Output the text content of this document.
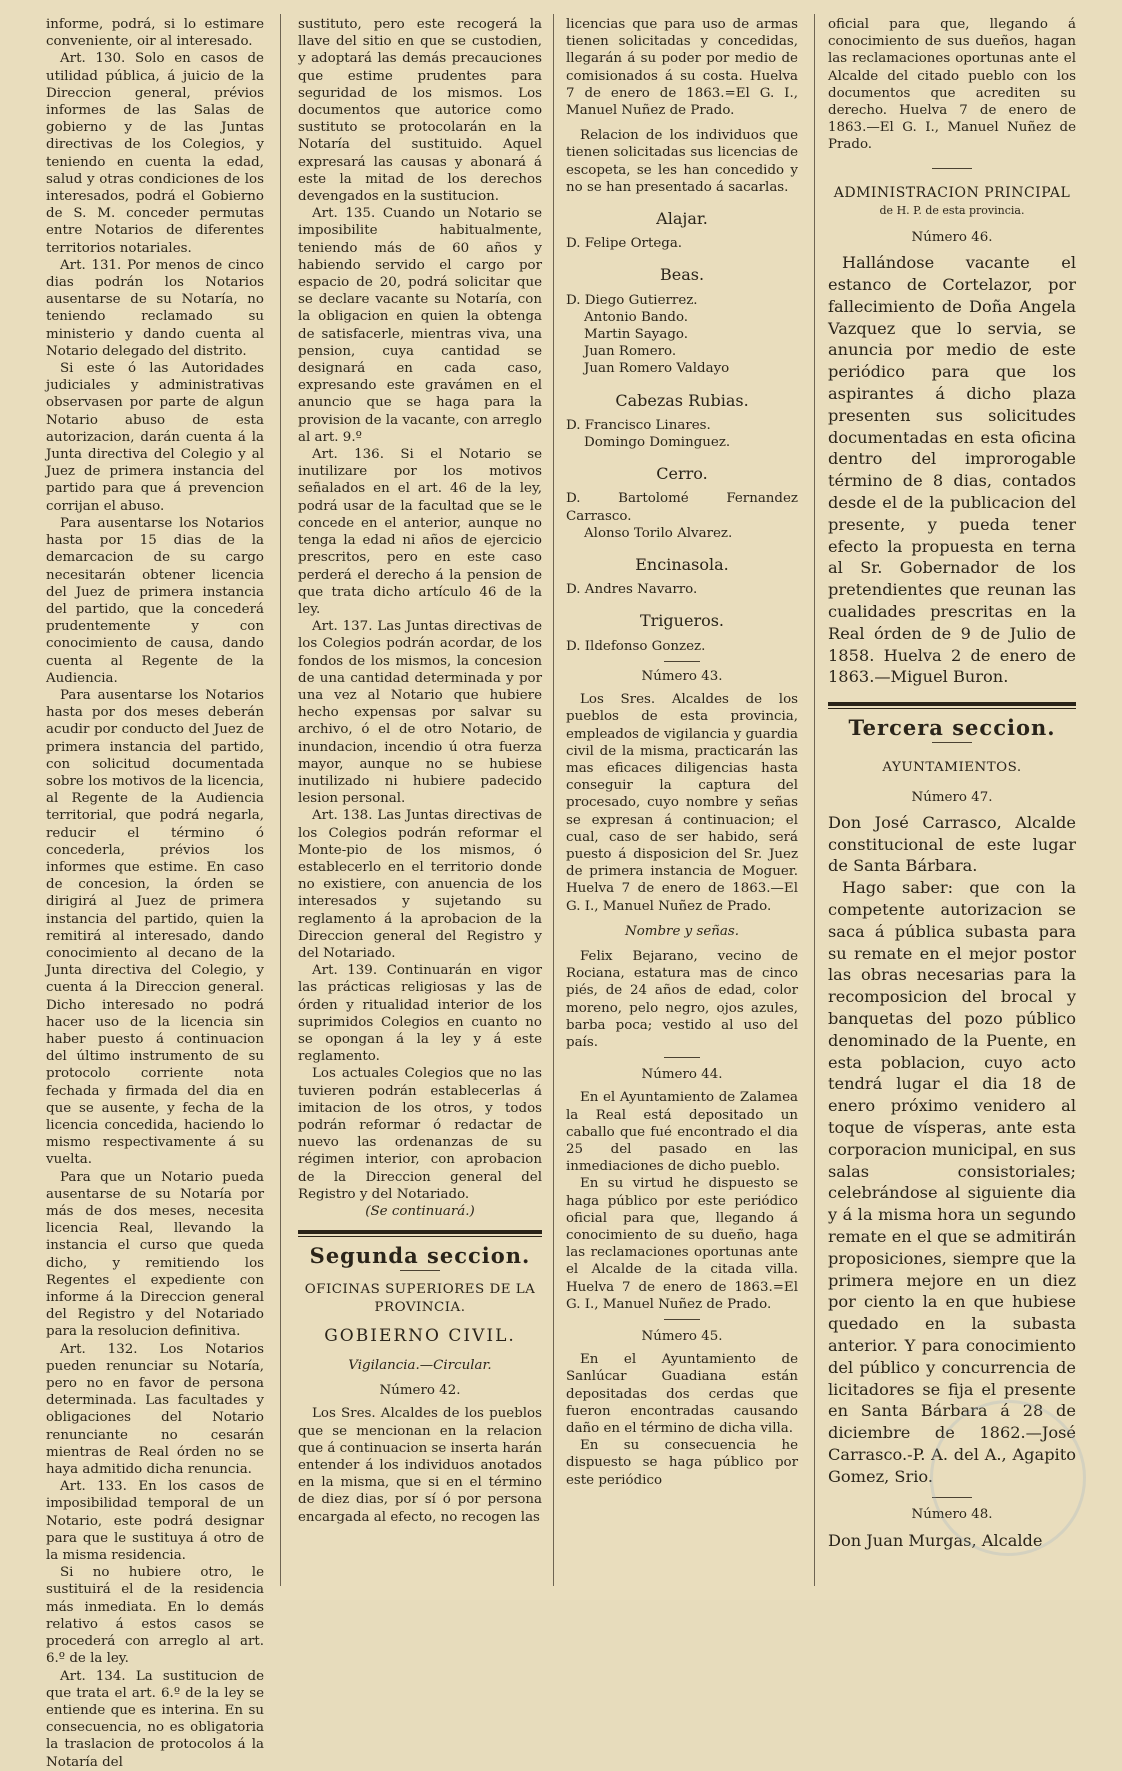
informe, podrá, si lo estimare conveniente, oir al interesado.

Art. 130. Solo en casos de utilidad pública, á juicio de la Direccion general, prévios informes de las Salas de gobierno y de las Juntas directivas de los Colegios, y teniendo en cuenta la edad, salud y otras condiciones de los interesados, podrá el Gobierno de S. M. conceder permutas entre Notarios de diferentes territorios notariales.

Art. 131. Por menos de cinco dias podrán los Notarios ausentarse de su Notaría, no teniendo reclamado su ministerio y dando cuenta al Notario delegado del distrito.

Si este ó las Autoridades judiciales y administrativas observasen por parte de algun Notario abuso de esta autorizacion, darán cuenta á la Junta directiva del Colegio y al Juez de primera instancia del partido para que á prevencion corrijan el abuso.

Para ausentarse los Notarios hasta por 15 dias de la demarcacion de su cargo necesitarán obtener licencia del Juez de primera instancia del partido, que la concederá prudentemente y con conocimiento de causa, dando cuenta al Regente de la Audiencia.

Para ausentarse los Notarios hasta por dos meses deberán acudir por conducto del Juez de primera instancia del partido, con solicitud documentada sobre los motivos de la licencia, al Regente de la Audiencia territorial, que podrá negarla, reducir el término ó concederla, prévios los informes que estime. En caso de concesion, la órden se dirigirá al Juez de primera instancia del partido, quien la remitirá al interesado, dando conocimiento al decano de la Junta directiva del Colegio, y cuenta á la Direccion general. Dicho interesado no podrá hacer uso de la licencia sin haber puesto á continuacion del último instrumento de su protocolo corriente nota fechada y firmada del dia en que se ausente, y fecha de la licencia concedida, haciendo lo mismo respectivamente á su vuelta.

Para que un Notario pueda ausentarse de su Notaría por más de dos meses, necesita licencia Real, llevando la instancia el curso que queda dicho, y remitiendo los Regentes el expediente con informe á la Direccion general del Registro y del Notariado para la resolucion definitiva.

Art. 132. Los Notarios pueden renunciar su Notaría, pero no en favor de persona determinada. Las facultades y obligaciones del Notario renunciante no cesarán mientras de Real órden no se haya admitido dicha renuncia.

Art. 133. En los casos de imposibilidad temporal de un Notario, este podrá designar para que le sustituya á otro de la misma residencia.

Si no hubiere otro, le sustituirá el de la residencia más inmediata. En lo demás relativo á estos casos se procederá con arreglo al art. 6.º de la ley.

Art. 134. La sustitucion de que trata el art. 6.º de la ley se entiende que es interina. En su consecuencia, no es obligatoria la traslacion de protocolos á la Notaría del

sustituto, pero este recogerá la llave del sitio en que se custodien, y adoptará las demás precauciones que estime prudentes para seguridad de los mismos. Los documentos que autorice como sustituto se protocolarán en la Notaría del sustituido. Aquel expresará las causas y abonará á este la mitad de los derechos devengados en la sustitucion.

Art. 135. Cuando un Notario se imposibilite habitualmente, teniendo más de 60 años y habiendo servido el cargo por espacio de 20, podrá solicitar que se declare vacante su Notaría, con la obligacion en quien la obtenga de satisfacerle, mientras viva, una pension, cuya cantidad se designará en cada caso, expresando este gravámen en el anuncio que se haga para la provision de la vacante, con arreglo al art. 9.º

Art. 136. Si el Notario se inutilizare por los motivos señalados en el art. 46 de la ley, podrá usar de la facultad que se le concede en el anterior, aunque no tenga la edad ni años de ejercicio prescritos, pero en este caso perderá el derecho á la pension de que trata dicho artículo 46 de la ley.

Art. 137. Las Juntas directivas de los Colegios podrán acordar, de los fondos de los mismos, la concesion de una cantidad determinada y por una vez al Notario que hubiere hecho expensas por salvar su archivo, ó el de otro Notario, de inundacion, incendio ú otra fuerza mayor, aunque no se hubiese inutilizado ni hubiere padecido lesion personal.

Art. 138. Las Juntas directivas de los Colegios podrán reformar el Monte-pio de los mismos, ó establecerlo en el territorio donde no existiere, con anuencia de los interesados y sujetando su reglamento á la aprobacion de la Direccion general del Registro y del Notariado.

Art. 139. Continuarán en vigor las prácticas religiosas y las de órden y ritualidad interior de los suprimidos Colegios en cuanto no se opongan á la ley y á este reglamento.

Los actuales Colegios que no las tuvieren podrán establecerlas á imitacion de los otros, y todos podrán reformar ó redactar de nuevo las ordenanzas de su régimen interior, con aprobacion de la Direccion general del Registro y del Notariado.

(Se continuará.)

Segunda seccion.

OFICINAS SUPERIORES DE LA PROVINCIA.

GOBIERNO CIVIL.

Vigilancia.—Circular.

Número 42.

Los Sres. Alcaldes de los pueblos que se mencionan en la relacion que á continuacion se inserta harán entender á los individuos anotados en la misma, que si en el término de diez dias, por sí ó por persona encargada al efecto, no recogen las

licencias que para uso de armas tienen solicitadas y concedidas, llegarán á su poder por medio de comisionados á su costa. Huelva 7 de enero de 1863.=El G. I., Manuel Nuñez de Prado.

Relacion de los individuos que tienen solicitadas sus licencias de escopeta, se les han concedido y no se han presentado á sacarlas.

Alajar.

D. Felipe Ortega.

Beas.

D. Diego Gutierrez.

Antonio Bando.

Martin Sayago.

Juan Romero.

Juan Romero Valdayo

Cabezas Rubias.

D. Francisco Linares.

Domingo Dominguez.

Cerro.

D. Bartolomé Fernandez Carrasco.

Alonso Torilo Alvarez.

Encinasola.

D. Andres Navarro.

Trigueros.

D. Ildefonso Gonzez.

Número 43.

Los Sres. Alcaldes de los pueblos de esta provincia, empleados de vigilancia y guardia civil de la misma, practicarán las mas eficaces diligencias hasta conseguir la captura del procesado, cuyo nombre y señas se expresan á continuacion; el cual, caso de ser habido, será puesto á disposicion del Sr. Juez de primera instancia de Moguer. Huelva 7 de enero de 1863.—El G. I., Manuel Nuñez de Prado.

Nombre y señas.

Felix Bejarano, vecino de Rociana, estatura mas de cinco piés, de 24 años de edad, color moreno, pelo negro, ojos azules, barba poca; vestido al uso del país.

Número 44.

En el Ayuntamiento de Zalamea la Real está depositado un caballo que fué encontrado el dia 25 del pasado en las inmediaciones de dicho pueblo.

En su virtud he dispuesto se haga público por este periódico oficial para que, llegando á conocimiento de su dueño, haga las reclamaciones oportunas ante el Alcalde de la citada villa. Huelva 7 de enero de 1863.=El G. I., Manuel Nuñez de Prado.

Número 45.

En el Ayuntamiento de Sanlúcar Guadiana están depositadas dos cerdas que fueron encontradas causando daño en el término de dicha villa.

En su consecuencia he dispuesto se haga público por este periódico

oficial para que, llegando á conocimiento de sus dueños, hagan las reclamaciones oportunas ante el Alcalde del citado pueblo con los documentos que acrediten su derecho. Huelva 7 de enero de 1863.—El G. I., Manuel Nuñez de Prado.

ADMINISTRACION PRINCIPAL

de H. P. de esta provincia.

Número 46.

Hallándose vacante el estanco de Cortelazor, por fallecimiento de Doña Angela Vazquez que lo servia, se anuncia por medio de este periódico para que los aspirantes á dicho plaza presenten sus solicitudes documentadas en esta oficina dentro del improrogable término de 8 dias, contados desde el de la publicacion del presente, y pueda tener efecto la propuesta en terna al Sr. Gobernador de los pretendientes que reunan las cualidades prescritas en la Real órden de 9 de Julio de 1858. Huelva 2 de enero de 1863.—Miguel Buron.

Tercera seccion.

AYUNTAMIENTOS.

Número 47.

Don José Carrasco, Alcalde constitucional de este lugar de Santa Bárbara.

Hago saber: que con la competente autorizacion se saca á pública subasta para su remate en el mejor postor las obras necesarias para la recomposicion del brocal y banquetas del pozo público denominado de la Puente, en esta poblacion, cuyo acto tendrá lugar el dia 18 de enero próximo venidero al toque de vísperas, ante esta corporacion municipal, en sus salas consistoriales; celebrándose al siguiente dia y á la misma hora un segundo remate en el que se admitirán proposiciones, siempre que la primera mejore en un diez por ciento la en que hubiese quedado en la subasta anterior. Y para conocimiento del público y concurrencia de licitadores se fija el presente en Santa Bárbara á 28 de diciembre de 1862.—José Carrasco.-P. A. del A., Agapito Gomez, Srio.

Número 48.

Don Juan Murgas, Alcalde
